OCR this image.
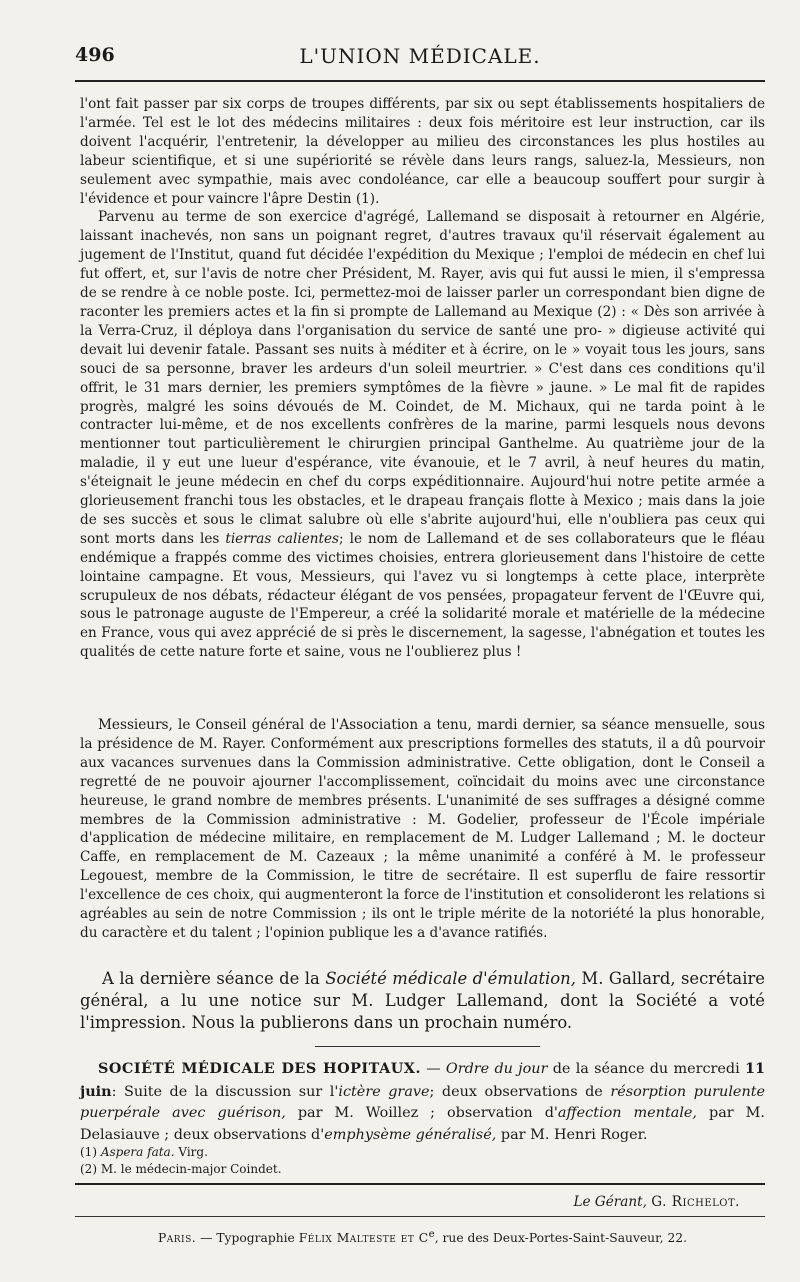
496	L'UNION MÉDICALE.

l'ont fait passer par six corps de troupes différents, par six ou sept établissements hospitaliers de l'armée. Tel est le lot des médecins militaires : deux fois méritoire est leur instruction, car ils doivent l'acquérir, l'entretenir, la développer au milieu des circonstances les plus hostiles au labeur scientifique, et si une supériorité se révèle dans leurs rangs, saluez-la, Messieurs, non seulement avec sympathie, mais avec condoléance, car elle a beaucoup souffert pour surgir à l'évidence et pour vaincre l'âpre Destin (1).

Parvenu au terme de son exercice d'agrégé, Lallemand se disposait à retourner en Algérie, laissant inachevés, non sans un poignant regret, d'autres travaux qu'il réservait également au jugement de l'Institut, quand fut décidée l'expédition du Mexique ; l'emploi de médecin en chef lui fut offert, et, sur l'avis de notre cher Président, M. Rayer, avis qui fut aussi le mien, il s'empressa de se rendre à ce noble poste. Ici, permettez-moi de laisser parler un correspondant bien digne de raconter les premiers actes et la fin si prompte de Lallemand au Mexique (2) : « Dès son arrivée à la Verra-Cruz, il déploya dans l'organisation du service de santé une pro- » digieuse activité qui devait lui devenir fatale. Passant ses nuits à méditer et à écrire, on le » voyait tous les jours, sans souci de sa personne, braver les ardeurs d'un soleil meurtrier. » C'est dans ces conditions qu'il offrit, le 31 mars dernier, les premiers symptômes de la fièvre » jaune. » Le mal fit de rapides progrès, malgré les soins dévoués de M. Coindet, de M. Michaux, qui ne tarda point à le contracter lui-même, et de nos excellents confrères de la marine, parmi lesquels nous devons mentionner tout particulièrement le chirurgien principal Ganthelme. Au quatrième jour de la maladie, il y eut une lueur d'espérance, vite évanouie, et le 7 avril, à neuf heures du matin, s'éteignait le jeune médecin en chef du corps expéditionnaire. Aujourd'hui notre petite armée a glorieusement franchi tous les obstacles, et le drapeau français flotte à Mexico ; mais dans la joie de ses succès et sous le climat salubre où elle s'abrite aujourd'hui, elle n'oubliera pas ceux qui sont morts dans les tierras calientes; le nom de Lallemand et de ses collaborateurs que le fléau endémique a frappés comme des victimes choisies, entrera glorieusement dans l'histoire de cette lointaine campagne. Et vous, Messieurs, qui l'avez vu si longtemps à cette place, interprète scrupuleux de nos débats, rédacteur élégant de vos pensées, propagateur fervent de l'Œuvre qui, sous le patronage auguste de l'Empereur, a créé la solidarité morale et matérielle de la médecine en France, vous qui avez apprécié de si près le discernement, la sagesse, l'abnégation et toutes les qualités de cette nature forte et saine, vous ne l'oublierez plus !

Messieurs, le Conseil général de l'Association a tenu, mardi dernier, sa séance mensuelle, sous la présidence de M. Rayer. Conformément aux prescriptions formelles des statuts, il a dû pourvoir aux vacances survenues dans la Commission administrative. Cette obligation, dont le Conseil a regretté de ne pouvoir ajourner l'accomplissement, coïncidait du moins avec une circonstance heureuse, le grand nombre de membres présents. L'unanimité de ses suffrages a désigné comme membres de la Commission administrative : M. Godelier, professeur de l'École impériale d'application de médecine militaire, en remplacement de M. Ludger Lallemand ; M. le docteur Caffe, en remplacement de M. Cazeaux ; la même unanimité a conféré à M. le professeur Legouest, membre de la Commission, le titre de secrétaire. Il est superflu de faire ressortir l'excellence de ces choix, qui augmenteront la force de l'institution et consolideront les relations si agréables au sein de notre Commission ; ils ont le triple mérite de la notoriété la plus honorable, du caractère et du talent ; l'opinion publique les a d'avance ratifiés.

A la dernière séance de la Société médicale d'émulation, M. Gallard, secrétaire général, a lu une notice sur M. Ludger Lallemand, dont la Société a voté l'impression. Nous la publierons dans un prochain numéro.

SOCIÉTÉ MÉDICALE DES HOPITAUX. — Ordre du jour de la séance du mercredi 11 juin: Suite de la discussion sur l'ictère grave; deux observations de résorption purulente puerpérale avec guérison, par M. Woillez ; observation d'affection mentale, par M. Delasiauve ; deux observations d'emphysème généralisé, par M. Henri Roger.

(1) Aspera fata. Virg.
(2) M. le médecin-major Coindet.
Le Gérant, G. Richelot.
Paris. — Typographie Félix Malteste et Ce, rue des Deux-Portes-Saint-Sauveur, 22.
